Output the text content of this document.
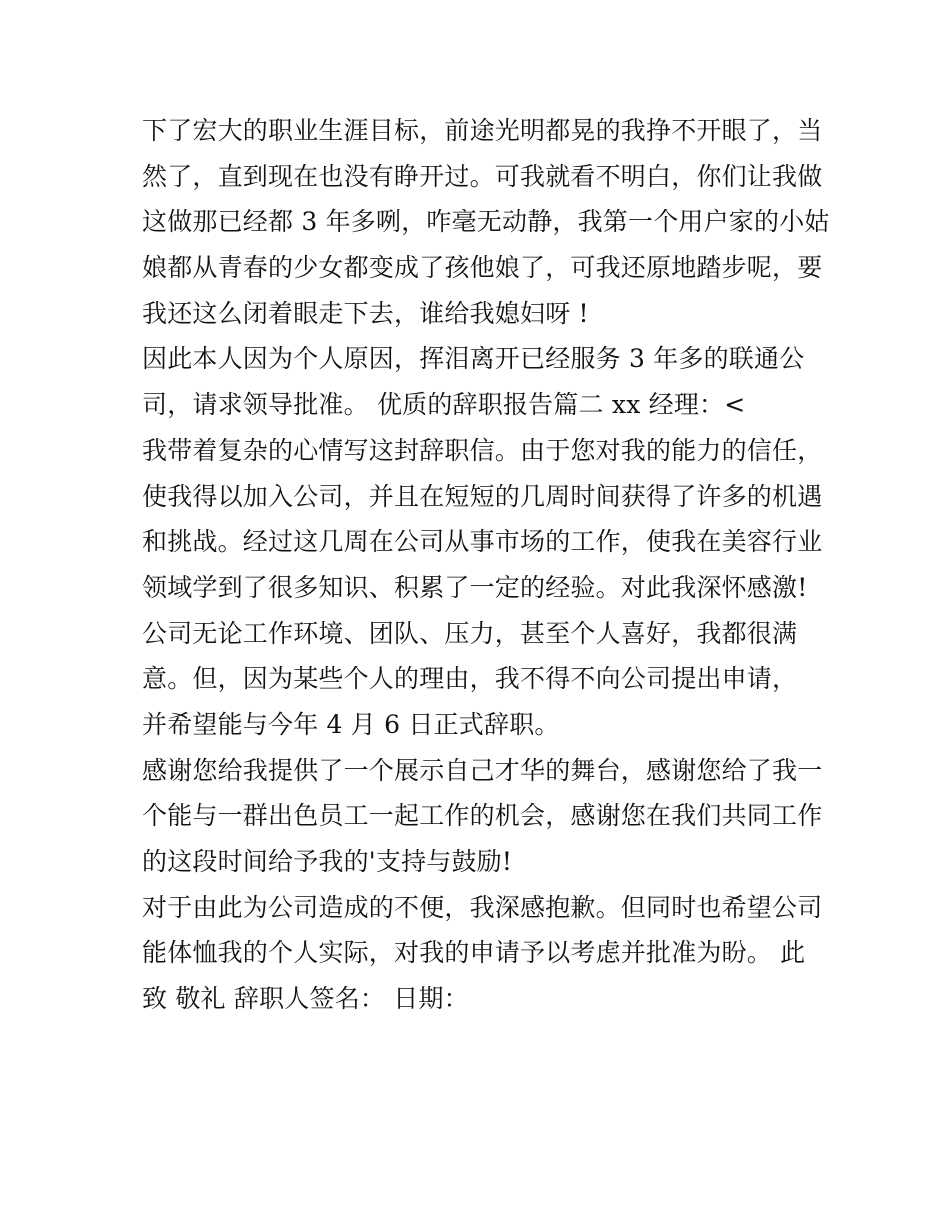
下了宏大的职业生涯目标，前途光明都晃的我挣不开眼了，当
然了，直到现在也没有睁开过。可我就看不明白，你们让我做
这做那已经都 3 年多咧，咋毫无动静，我第一个用户家的小姑
娘都从青春的少女都变成了孩他娘了，可我还原地踏步呢，要
我还这么闭着眼走下去，谁给我媳妇呀 !
因此本人因为个人原因，挥泪离开已经服务 3 年多的联通公
司，请求领导批准。 优质的辞职报告篇二 xx 经理：<
我带着复杂的心情写这封辞职信。由于您对我的能力的信任，
使我得以加入公司，并且在短短的几周时间获得了许多的机遇
和挑战。经过这几周在公司从事市场的工作，使我在美容行业
领域学到了很多知识、积累了一定的经验。对此我深怀感激!
公司无论工作环境、团队、压力，甚至个人喜好，我都很满
意。但，因为某些个人的理由，我不得不向公司提出申请，
并希望能与今年 4 月 6 日正式辞职。
感谢您给我提供了一个展示自己才华的舞台，感谢您给了我一
个能与一群出色员工一起工作的机会，感谢您在我们共同工作
的这段时间给予我的'支持与鼓励!
对于由此为公司造成的不便，我深感抱歉。但同时也希望公司
能体恤我的个人实际，对我的申请予以考虑并批准为盼。 此
致 敬礼 辞职人签名： 日期：
